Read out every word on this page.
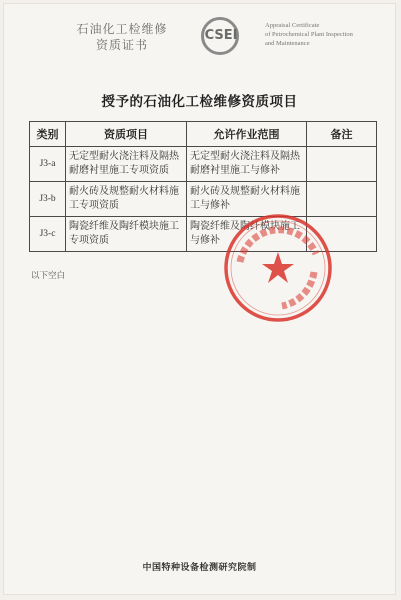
石油化工检维修
资质证书
CSEI
Appraisal Certificate
of Petrochemical Plant Inspection
and Maintenance
授予的石油化工检维修资质项目
类别	资质项目	允许作业范围	备注
J3-a	无定型耐火浇注料及隔热耐磨衬里施工专项资质	无定型耐火浇注料及隔热耐磨衬里施工与修补	
J3-b	耐火砖及规整耐火材料施工专项资质	耐火砖及规整耐火材料施工与修补	
J3-c	陶瓷纤维及陶纤模块施工专项资质	陶瓷纤维及陶纤模块施工与修补	
以下空白
中国特种设备检测研究院制
